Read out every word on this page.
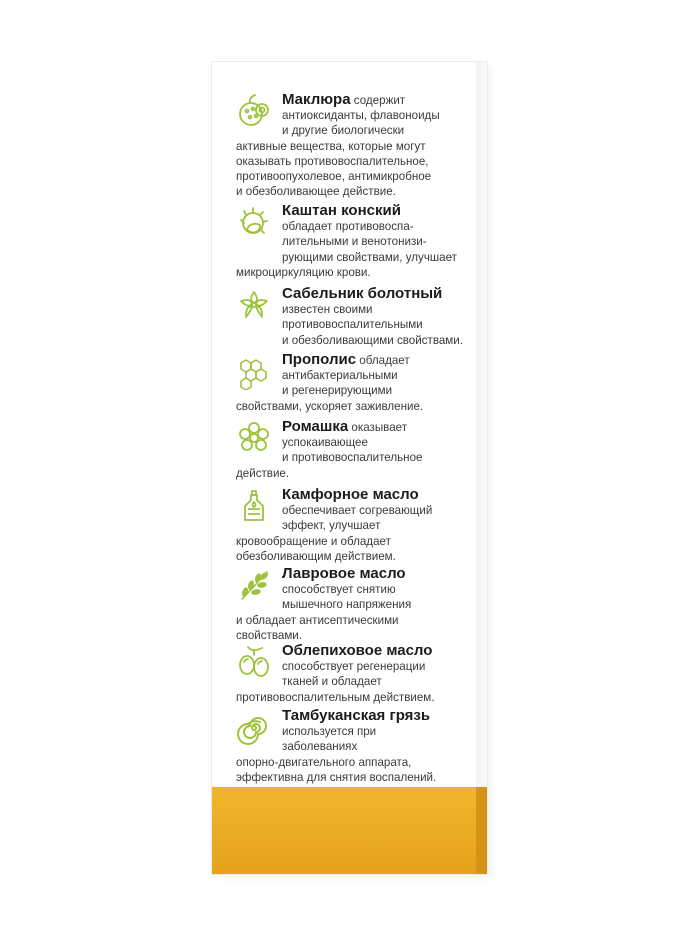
Маклюра содержит
антиоксиданты, флавоноиды
и другие биологически
активные вещества, которые могут
оказывать противовоспалительное,
противоопухолевое, антимикробное
и обезболивающее действие.
Каштан конский
обладает противовоспа-
лительными и венотонизи-
рующими свойствами, улучшает
микроциркуляцию крови.
Сабельник болотный
известен своими
противовоспалительными
и обезболивающими свойствами.
Прополис обладает
антибактериальными
и регенерирующими
свойствами, ускоряет заживление.
Ромашка оказывает
успокаивающее
и противовоспалительное
действие.
Камфорное масло
обеспечивает согревающий
эффект, улучшает
кровообращение и обладает
обезболивающим действием.
Лавровое масло
способствует снятию
мышечного напряжения
и обладает антисептическими
свойствами.
Облепиховое масло
способствует регенерации
тканей и обладает
противовоспалительным действием.
Тамбуканская грязь
используется при
заболеваниях
опорно-двигательного аппарата,
эффективна для снятия воспалений.
